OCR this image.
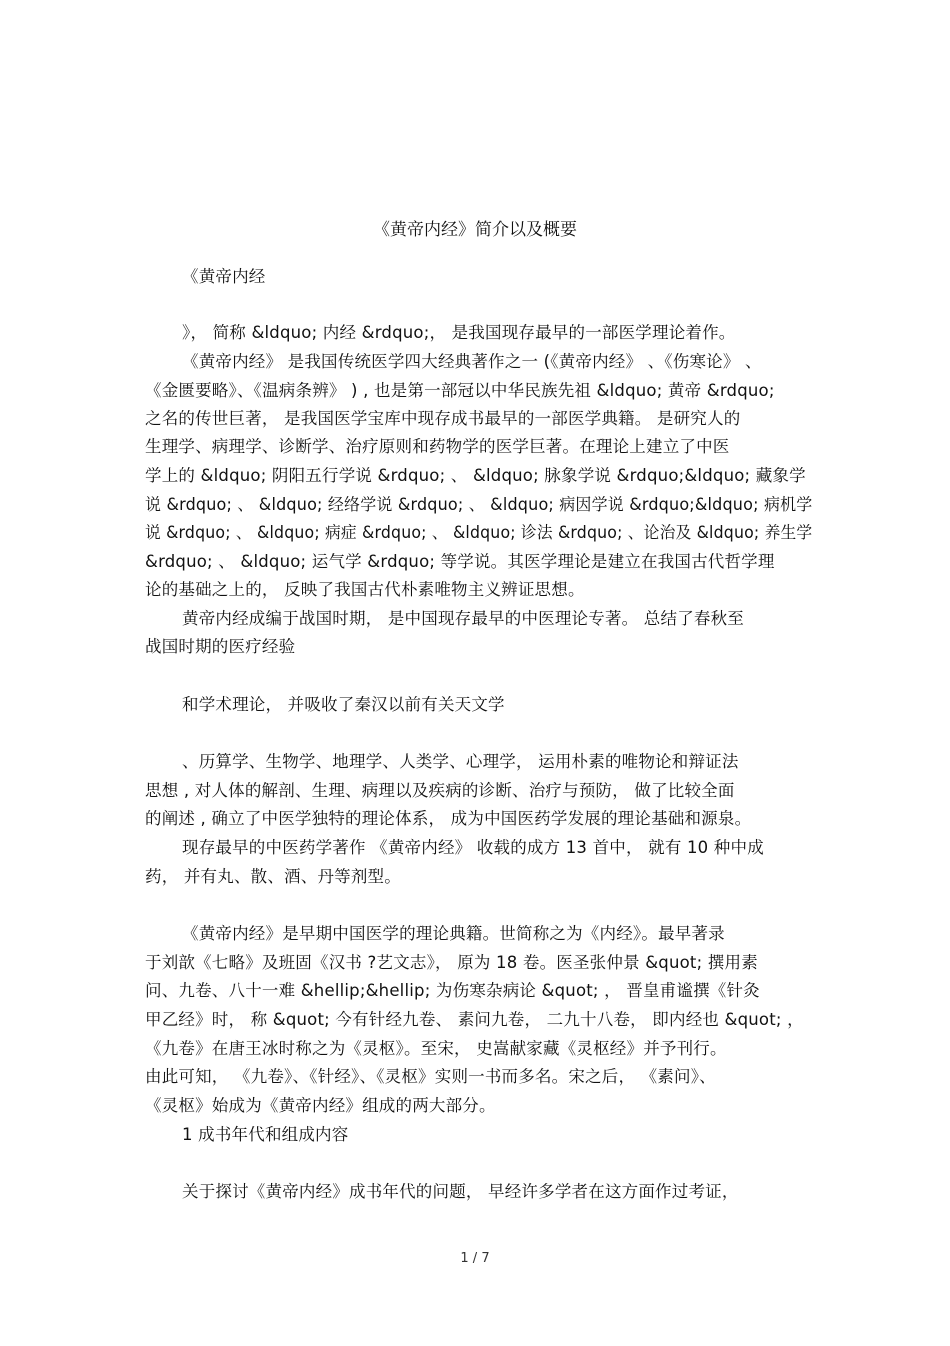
《黄帝内经》简介以及概要
《黄帝内经
》， 简称 &ldquo; 内经 &rdquo;， 是我国现存最早的一部医学理论着作。
《黄帝内经》 是我国传统医学四大经典著作之一 (《黄帝内经》 、《伤寒论》 、
《金匮要略》、《温病条辨》 ) , 也是第一部冠以中华民族先祖 &ldquo; 黄帝 &rdquo;
之名的传世巨著， 是我国医学宝库中现存成书最早的一部医学典籍。 是研究人的
生理学、病理学、诊断学、治疗原则和药物学的医学巨著。在理论上建立了中医
学上的 &ldquo; 阴阳五行学说 &rdquo; 、 &ldquo; 脉象学说 &rdquo;&ldquo; 藏象学
说 &rdquo; 、 &ldquo; 经络学说 &rdquo; 、 &ldquo; 病因学说 &rdquo;&ldquo; 病机学
说 &rdquo; 、 &ldquo; 病症 &rdquo; 、 &ldquo; 诊法 &rdquo; 、论治及 &ldquo; 养生学
&rdquo; 、 &ldquo; 运气学 &rdquo; 等学说。其医学理论是建立在我国古代哲学理
论的基础之上的， 反映了我国古代朴素唯物主义辨证思想。
黄帝内经成编于战国时期， 是中国现存最早的中医理论专著。 总结了春秋至
战国时期的医疗经验
和学术理论， 并吸收了秦汉以前有关天文学
、历算学、生物学、地理学、人类学、心理学， 运用朴素的唯物论和辩证法
思想 , 对人体的解剖、生理、病理以及疾病的诊断、治疗与预防， 做了比较全面
的阐述 , 确立了中医学独特的理论体系， 成为中国医药学发展的理论基础和源泉。
现存最早的中医药学著作 《黄帝内经》 收载的成方 13 首中， 就有 10 种中成
药， 并有丸、散、酒、丹等剂型。
《黄帝内经》是早期中国医学的理论典籍。世简称之为《内经》。最早著录
于刘歆《七略》及班固《汉书 ?艺文志》， 原为 18 卷。医圣张仲景 &quot; 撰用素
问、九卷、八十一难 &hellip;&hellip; 为伤寒杂病论 &quot; ， 晋皇甫谧撰《针灸
甲乙经》时， 称 &quot; 今有针经九卷、 素问九卷， 二九十八卷， 即内经也 &quot; ，
《九卷》在唐王冰时称之为《灵枢》。至宋， 史嵩献家藏《灵枢经》并予刊行。
由此可知， 《九卷》、《针经》、《灵枢》实则一书而多名。宋之后， 《素问》、
《灵枢》始成为《黄帝内经》组成的两大部分。
1 成书年代和组成内容
关于探讨《黄帝内经》成书年代的问题， 早经许多学者在这方面作过考证，
1 / 7
